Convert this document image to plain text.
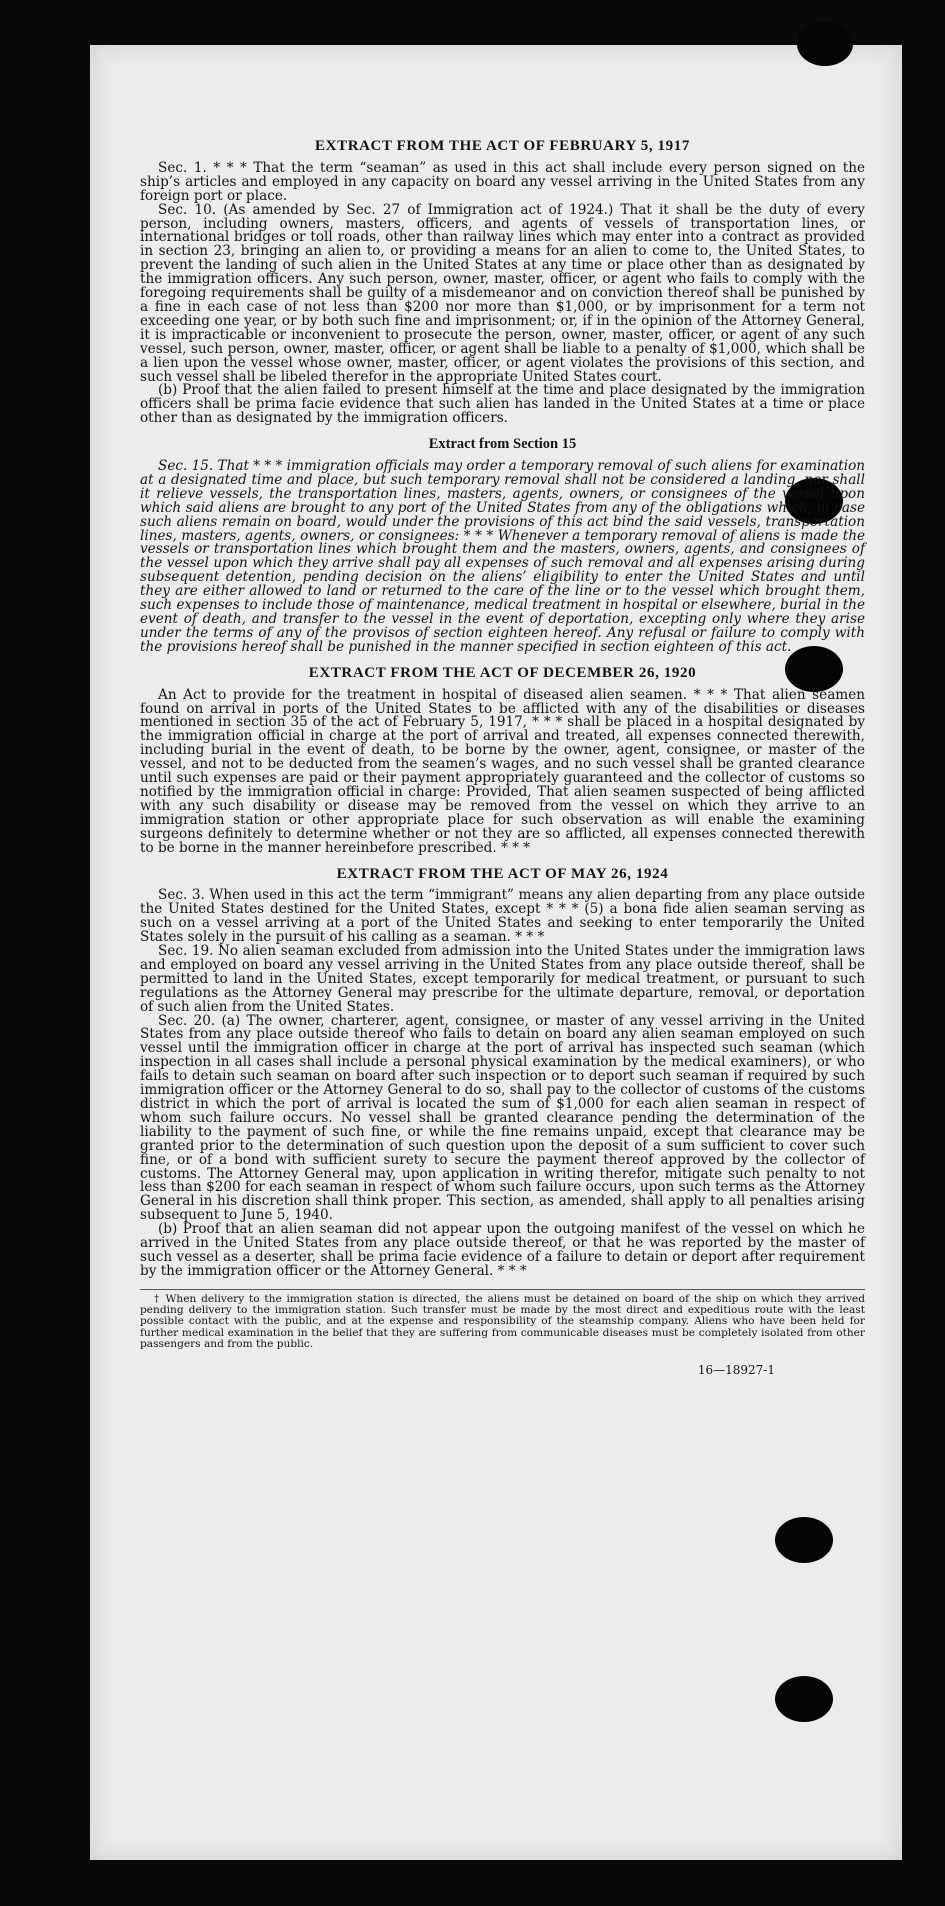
EXTRACT FROM THE ACT OF FEBRUARY 5, 1917

Sec. 1. * * * That the term “seaman” as used in this act shall include every person signed on the ship’s articles and employed in any capacity on board any vessel arriving in the United States from any foreign port or place.

Sec. 10. (As amended by Sec. 27 of Immigration act of 1924.) That it shall be the duty of every person, including owners, masters, officers, and agents of vessels of transportation lines, or international bridges or toll roads, other than railway lines which may enter into a contract as provided in section 23, bringing an alien to, or providing a means for an alien to come to, the United States, to prevent the landing of such alien in the United States at any time or place other than as designated by the immigration officers. Any such person, owner, master, officer, or agent who fails to comply with the foregoing requirements shall be guilty of a misdemeanor and on conviction thereof shall be punished by a fine in each case of not less than $200 nor more than $1,000, or by imprisonment for a term not exceeding one year, or by both such fine and imprisonment; or, if in the opinion of the Attorney General, it is impracticable or inconvenient to prosecute the person, owner, master, officer, or agent of any such vessel, such person, owner, master, officer, or agent shall be liable to a penalty of $1,000, which shall be a lien upon the vessel whose owner, master, officer, or agent violates the provisions of this section, and such vessel shall be libeled therefor in the appropriate United States court.

(b) Proof that the alien failed to present himself at the time and place designated by the immigration officers shall be prima facie evidence that such alien has landed in the United States at a time or place other than as designated by the immigration officers.

Extract from Section 15

Sec. 15. That * * * immigration officials may order a temporary removal of such aliens for examination at a designated time and place, but such temporary removal shall not be considered a landing, nor shall it relieve vessels, the transportation lines, masters, agents, owners, or consignees of the vessel upon which said aliens are brought to any port of the United States from any of the obligations which, in case such aliens remain on board, would under the provisions of this act bind the said vessels, transportation lines, masters, agents, owners, or consignees: * * * Whenever a temporary removal of aliens is made the vessels or transportation lines which brought them and the masters, owners, agents, and consignees of the vessel upon which they arrive shall pay all expenses of such removal and all expenses arising during subsequent detention, pending decision on the aliens’ eligibility to enter the United States and until they are either allowed to land or returned to the care of the line or to the vessel which brought them, such expenses to include those of maintenance, medical treatment in hospital or elsewhere, burial in the event of death, and transfer to the vessel in the event of deportation, excepting only where they arise under the terms of any of the provisos of section eighteen hereof. Any refusal or failure to comply with the provisions hereof shall be punished in the manner specified in section eighteen of this act.

EXTRACT FROM THE ACT OF DECEMBER 26, 1920

An Act to provide for the treatment in hospital of diseased alien seamen. * * * That alien seamen found on arrival in ports of the United States to be afflicted with any of the disabilities or diseases mentioned in section 35 of the act of February 5, 1917, * * * shall be placed in a hospital designated by the immigration official in charge at the port of arrival and treated, all expenses connected therewith, including burial in the event of death, to be borne by the owner, agent, consignee, or master of the vessel, and not to be deducted from the seamen’s wages, and no such vessel shall be granted clearance until such expenses are paid or their payment appropriately guaranteed and the collector of customs so notified by the immigration official in charge: Provided, That alien seamen suspected of being afflicted with any such disability or disease may be removed from the vessel on which they arrive to an immigration station or other appropriate place for such observation as will enable the examining surgeons definitely to determine whether or not they are so afflicted, all expenses connected therewith to be borne in the manner hereinbefore prescribed. * * *

EXTRACT FROM THE ACT OF MAY 26, 1924

Sec. 3. When used in this act the term “immigrant” means any alien departing from any place outside the United States destined for the United States, except * * * (5) a bona fide alien seaman serving as such on a vessel arriving at a port of the United States and seeking to enter temporarily the United States solely in the pursuit of his calling as a seaman. * * *

Sec. 19. No alien seaman excluded from admission into the United States under the immigration laws and employed on board any vessel arriving in the United States from any place outside thereof, shall be permitted to land in the United States, except temporarily for medical treatment, or pursuant to such regulations as the Attorney General may prescribe for the ultimate departure, removal, or deportation of such alien from the United States.

Sec. 20. (a) The owner, charterer, agent, consignee, or master of any vessel arriving in the United States from any place outside thereof who fails to detain on board any alien seaman employed on such vessel until the immigration officer in charge at the port of arrival has inspected such seaman (which inspection in all cases shall include a personal physical examination by the medical examiners), or who fails to detain such seaman on board after such inspection or to deport such seaman if required by such immigration officer or the Attorney General to do so, shall pay to the collector of customs of the customs district in which the port of arrival is located the sum of $1,000 for each alien seaman in respect of whom such failure occurs. No vessel shall be granted clearance pending the determination of the liability to the payment of such fine, or while the fine remains unpaid, except that clearance may be granted prior to the determination of such question upon the deposit of a sum sufficient to cover such fine, or of a bond with sufficient surety to secure the payment thereof approved by the collector of customs. The Attorney General may, upon application in writing therefor, mitigate such penalty to not less than $200 for each seaman in respect of whom such failure occurs, upon such terms as the Attorney General in his discretion shall think proper. This section, as amended, shall apply to all penalties arising subsequent to June 5, 1940.

(b) Proof that an alien seaman did not appear upon the outgoing manifest of the vessel on which he arrived in the United States from any place outside thereof, or that he was reported by the master of such vessel as a deserter, shall be prima facie evidence of a failure to detain or deport after requirement by the immigration officer or the Attorney General. * * *

† When delivery to the immigration station is directed, the aliens must be detained on board of the ship on which they arrived pending delivery to the immigration station. Such transfer must be made by the most direct and expeditious route with the least possible contact with the public, and at the expense and responsibility of the steamship company. Aliens who have been held for further medical examination in the belief that they are suffering from communicable diseases must be completely isolated from other passengers and from the public.

16—18927-1
